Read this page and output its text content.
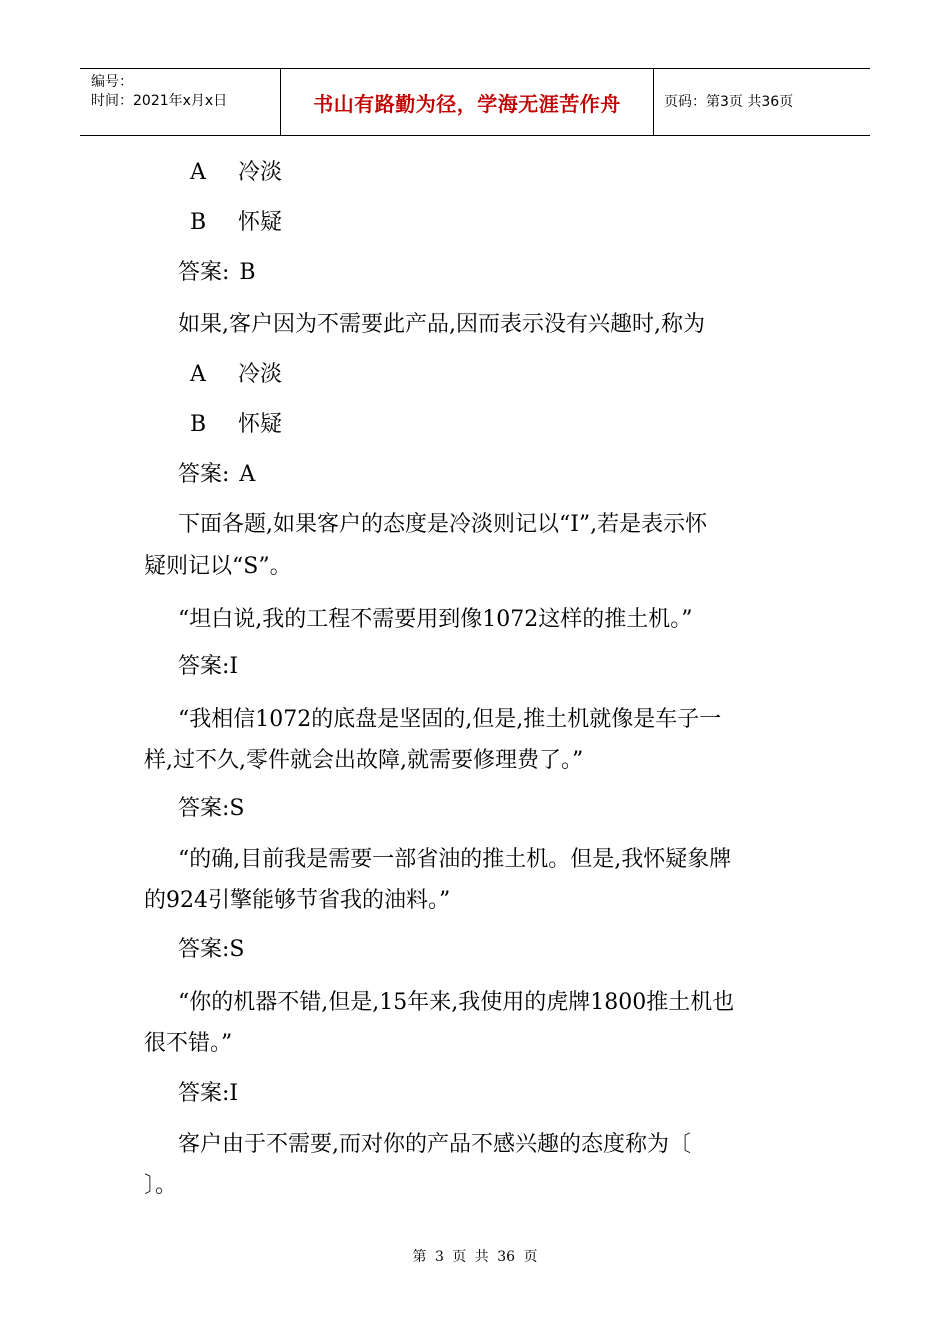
编号：
时间：2021年x月x日	书山有路勤为径，学海无涯苦作舟	页码：第3页 共36页
A 冷淡
B 怀疑
答案: B
如果,客户因为不需要此产品,因而表示没有兴趣时,称为
A 冷淡
B 怀疑
答案: A
下面各题,如果客户的态度是冷淡则记以“I”,若是表示怀
疑则记以“S”。
“坦白说,我的工程不需要用到像1072这样的推土机。”
答案:I
“我相信1072的底盘是坚固的,但是,推土机就像是车子一
样,过不久,零件就会出故障,就需要修理费了。”
答案:S
“的确,目前我是需要一部省油的推土机。但是,我怀疑象牌
的924引擎能够节省我的油料。”
答案:S
“你的机器不错,但是,15年来,我使用的虎牌1800推土机也
很不错。”
答案:I
客户由于不需要,而对你的产品不感兴趣的态度称为〔
〕。
第 3 页 共 36 页
